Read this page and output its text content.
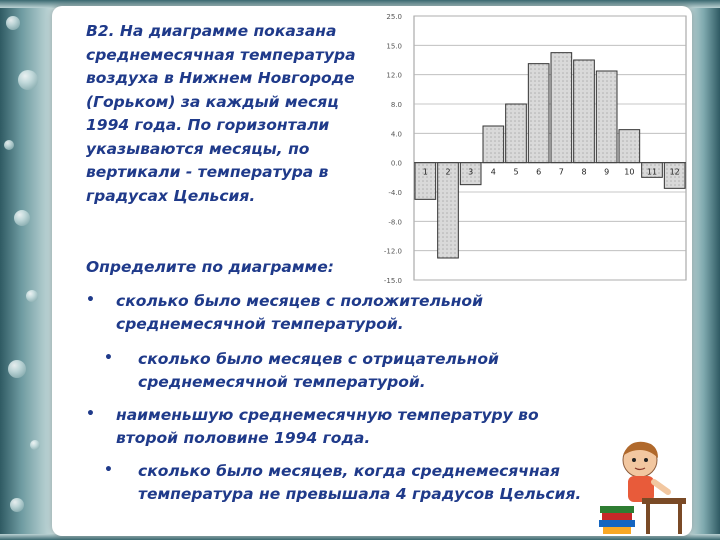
B2. На диаграмме показана среднемесячная температура воздуха в Нижнем Новгороде (Горьком) за каждый месяц 1994 года. По горизонтали указываются месяцы, по вертикали - температура в градусах Цельсия.

25.0
15.0
12.0
8.0
4.0
0.0
-4.0
-8.0
-12.0
-15.0
1 2 3 4 5 6 7 8 9 10 11 12

Определите по диаграмме:

• сколько было месяцев с положительной среднемесячной температурой.

• сколько было месяцев с отрицательной среднемесячной температурой.

• наименьшую среднемесячную температуру во второй половине 1994 года.

• сколько было месяцев, когда среднемесячная температура не превышала 4 градусов Цельсия.
